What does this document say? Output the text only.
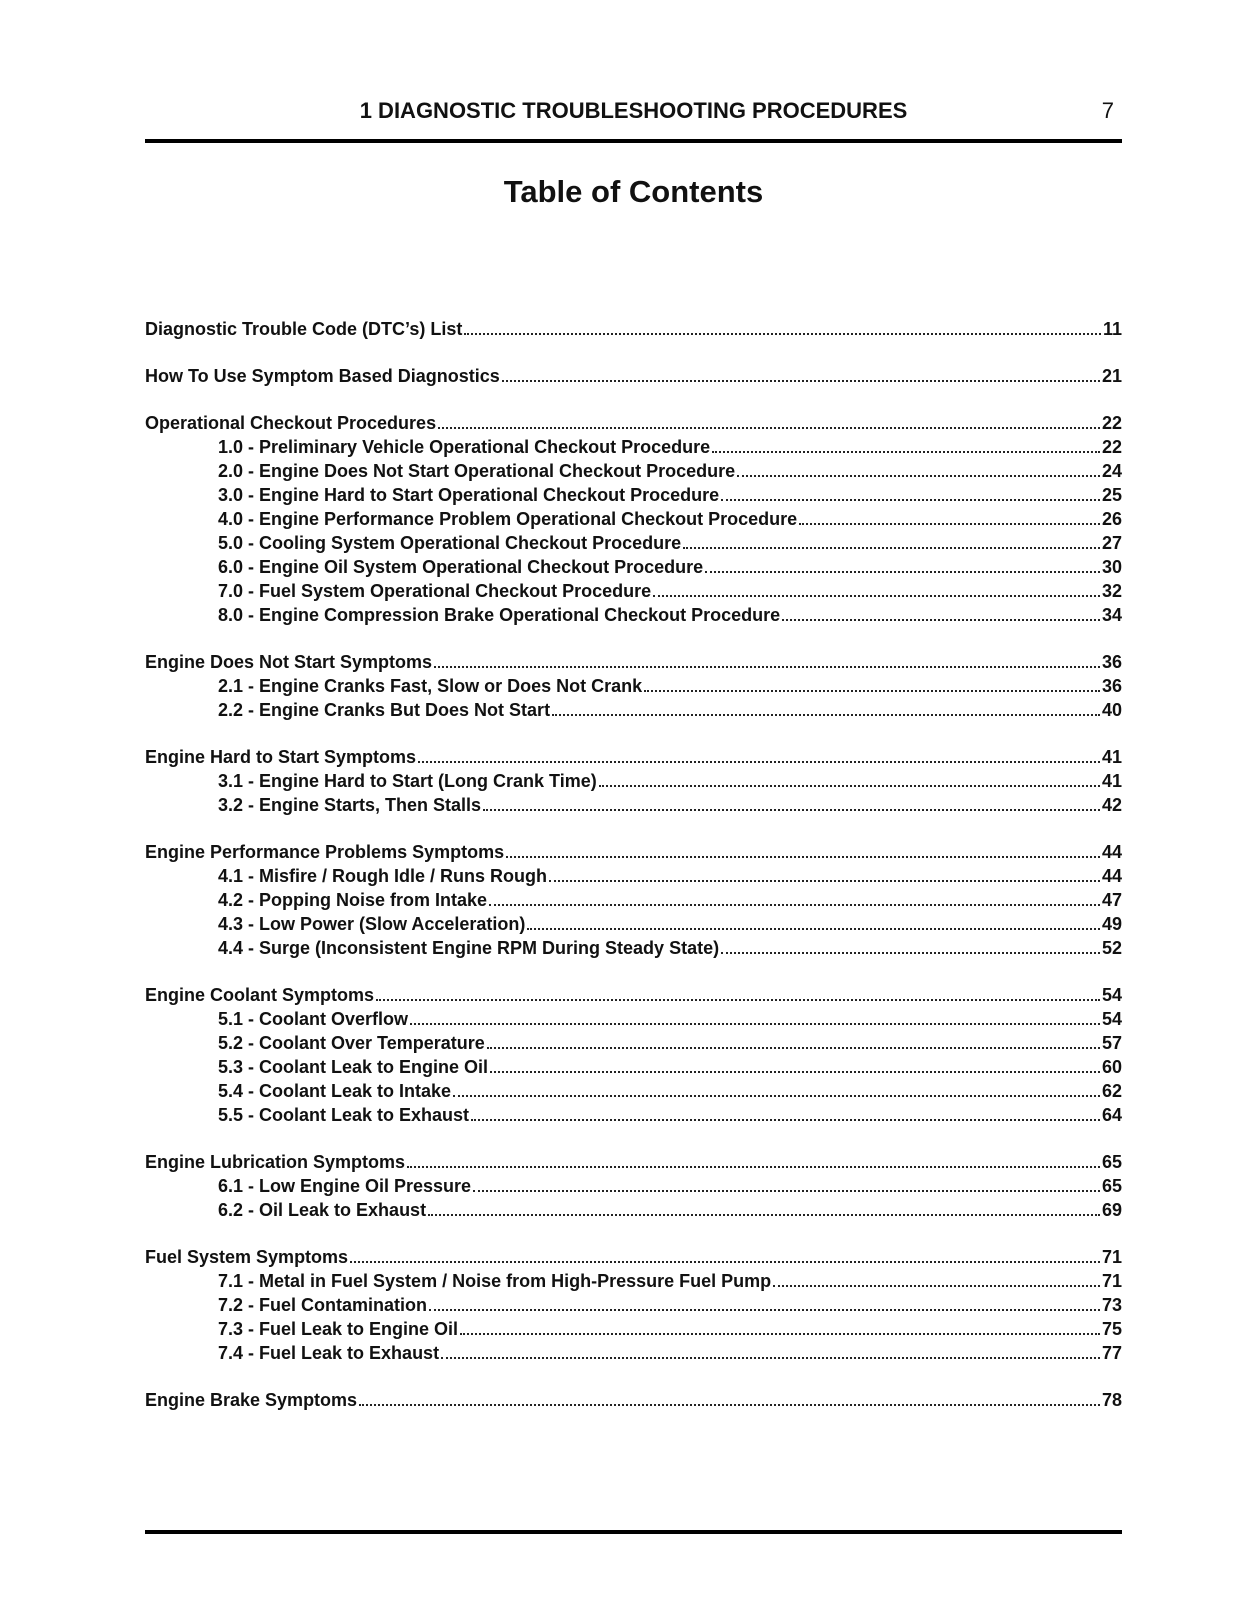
1 DIAGNOSTIC TROUBLESHOOTING PROCEDURES	7
Table of Contents
Diagnostic Trouble Code (DTC’s) List	11
How To Use Symptom Based Diagnostics	21
Operational Checkout Procedures	22
1.0 - Preliminary Vehicle Operational Checkout Procedure	22
2.0 - Engine Does Not Start Operational Checkout Procedure	24
3.0 - Engine Hard to Start Operational Checkout Procedure	25
4.0 - Engine Performance Problem Operational Checkout Procedure	26
5.0 - Cooling System Operational Checkout Procedure	27
6.0 - Engine Oil System Operational Checkout Procedure	30
7.0 - Fuel System Operational Checkout Procedure	32
8.0 - Engine Compression Brake Operational Checkout Procedure	34
Engine Does Not Start Symptoms	36
2.1 - Engine Cranks Fast, Slow or Does Not Crank	36
2.2 - Engine Cranks But Does Not Start	40
Engine Hard to Start Symptoms	41
3.1 - Engine Hard to Start (Long Crank Time)	41
3.2 - Engine Starts, Then Stalls	42
Engine Performance Problems Symptoms	44
4.1 - Misfire / Rough Idle / Runs Rough	44
4.2 - Popping Noise from Intake	47
4.3 - Low Power (Slow Acceleration)	49
4.4 - Surge (Inconsistent Engine RPM During Steady State)	52
Engine Coolant Symptoms	54
5.1 - Coolant Overflow	54
5.2 - Coolant Over Temperature	57
5.3 - Coolant Leak to Engine Oil	60
5.4 - Coolant Leak to Intake	62
5.5 - Coolant Leak to Exhaust	64
Engine Lubrication Symptoms	65
6.1 - Low Engine Oil Pressure	65
6.2 - Oil Leak to Exhaust	69
Fuel System Symptoms	71
7.1 - Metal in Fuel System / Noise from High-Pressure Fuel Pump	71
7.2 - Fuel Contamination	73
7.3 - Fuel Leak to Engine Oil	75
7.4 - Fuel Leak to Exhaust	77
Engine Brake Symptoms	78
